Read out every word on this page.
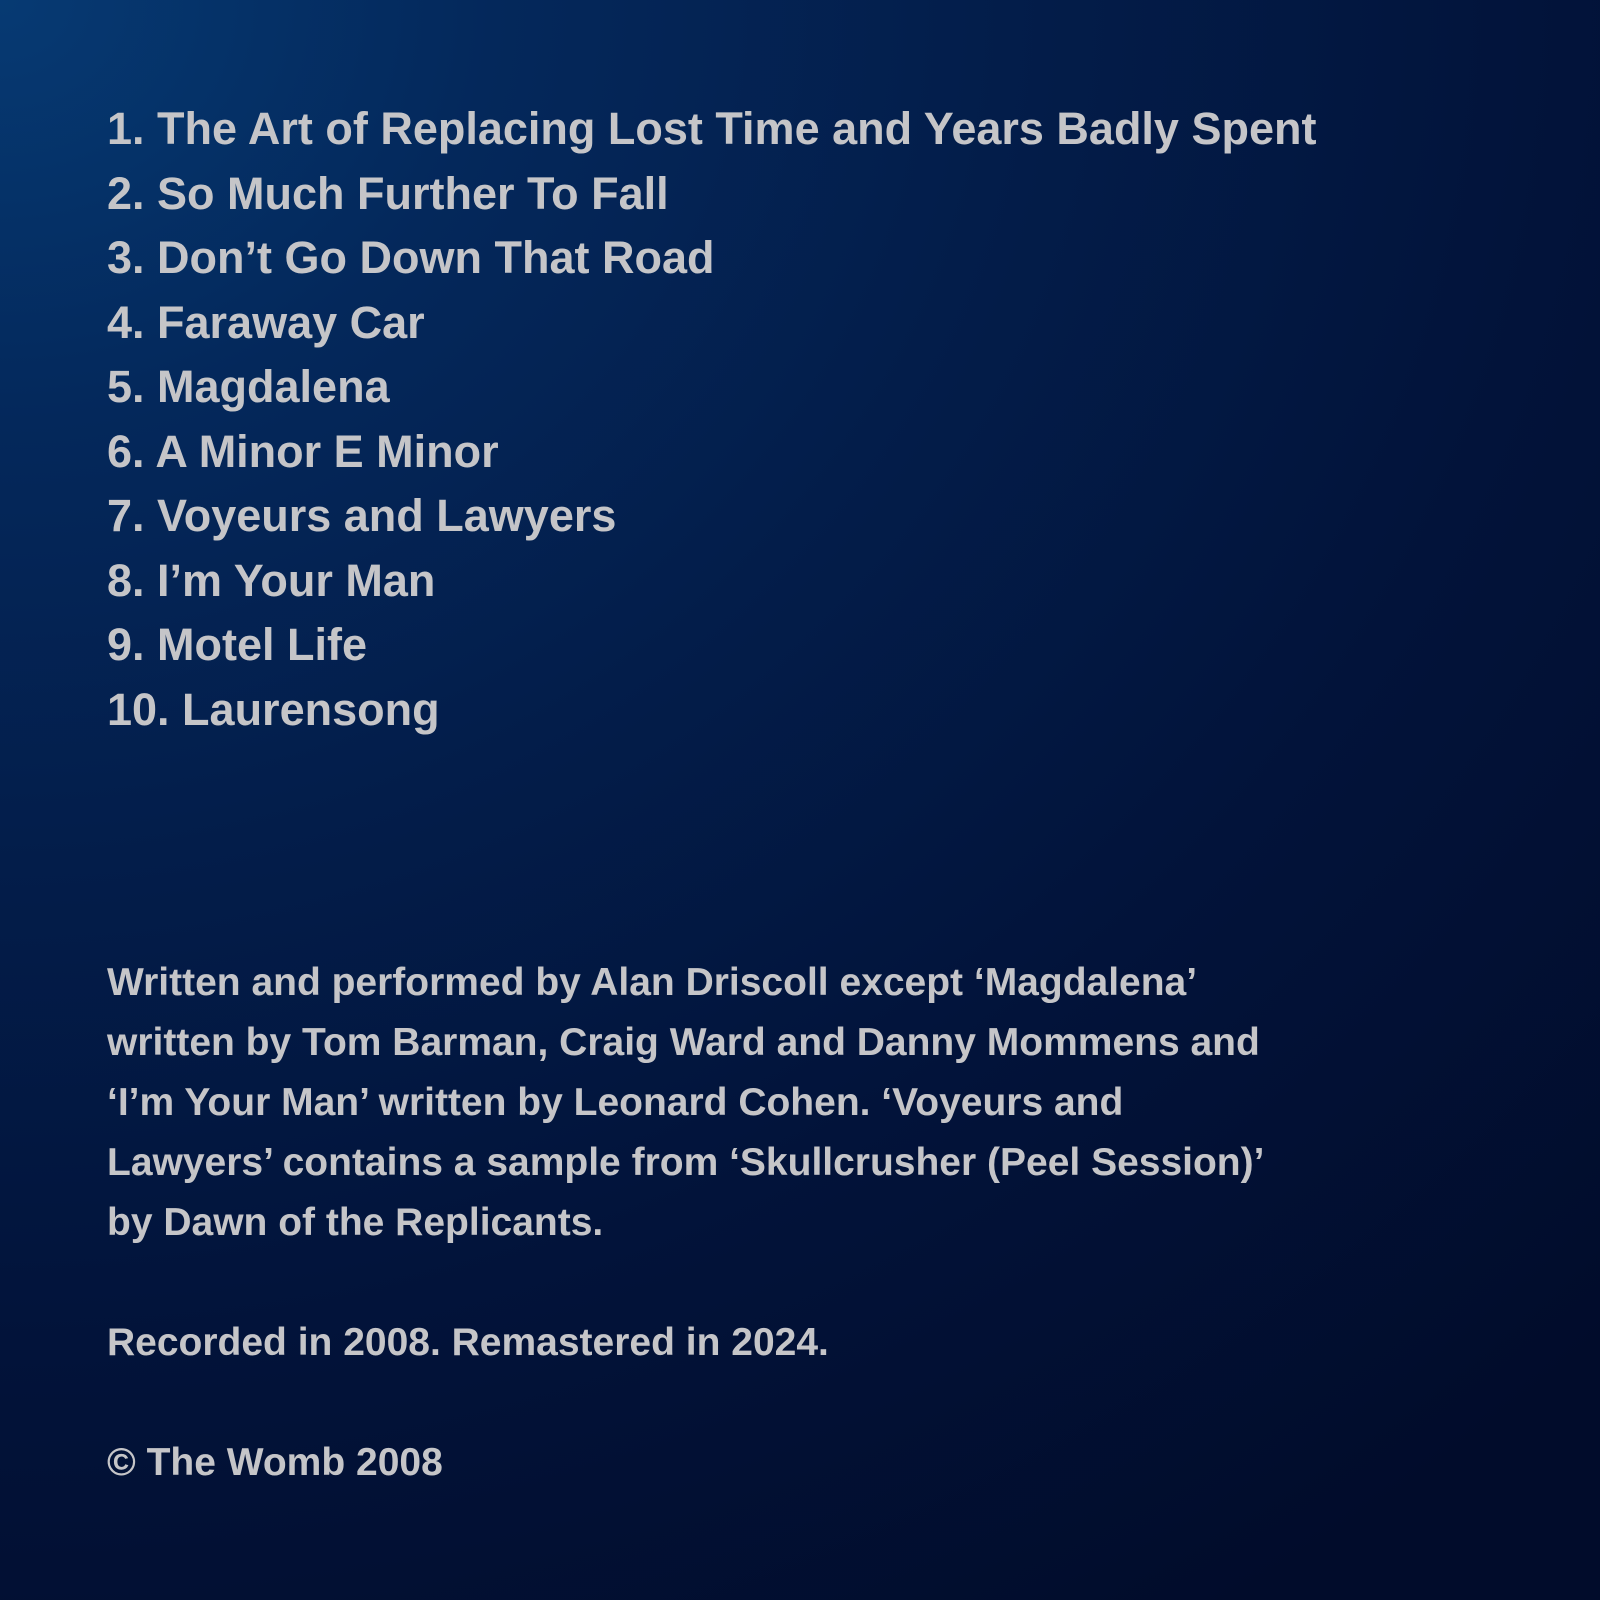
1. The Art of Replacing Lost Time and Years Badly Spent
2. So Much Further To Fall
3. Don’t Go Down That Road
4. Faraway Car
5. Magdalena
6. A Minor E Minor
7. Voyeurs and Lawyers
8. I’m Your Man
9. Motel Life
10. Laurensong

Written and performed by Alan Driscoll except ‘Magdalena’
written by Tom Barman, Craig Ward and Danny Mommens and
‘I’m Your Man’ written by Leonard Cohen. ‘Voyeurs and
Lawyers’ contains a sample from ‘Skullcrusher (Peel Session)’
by Dawn of the Replicants.

Recorded in 2008. Remastered in 2024.

© The Womb 2008
